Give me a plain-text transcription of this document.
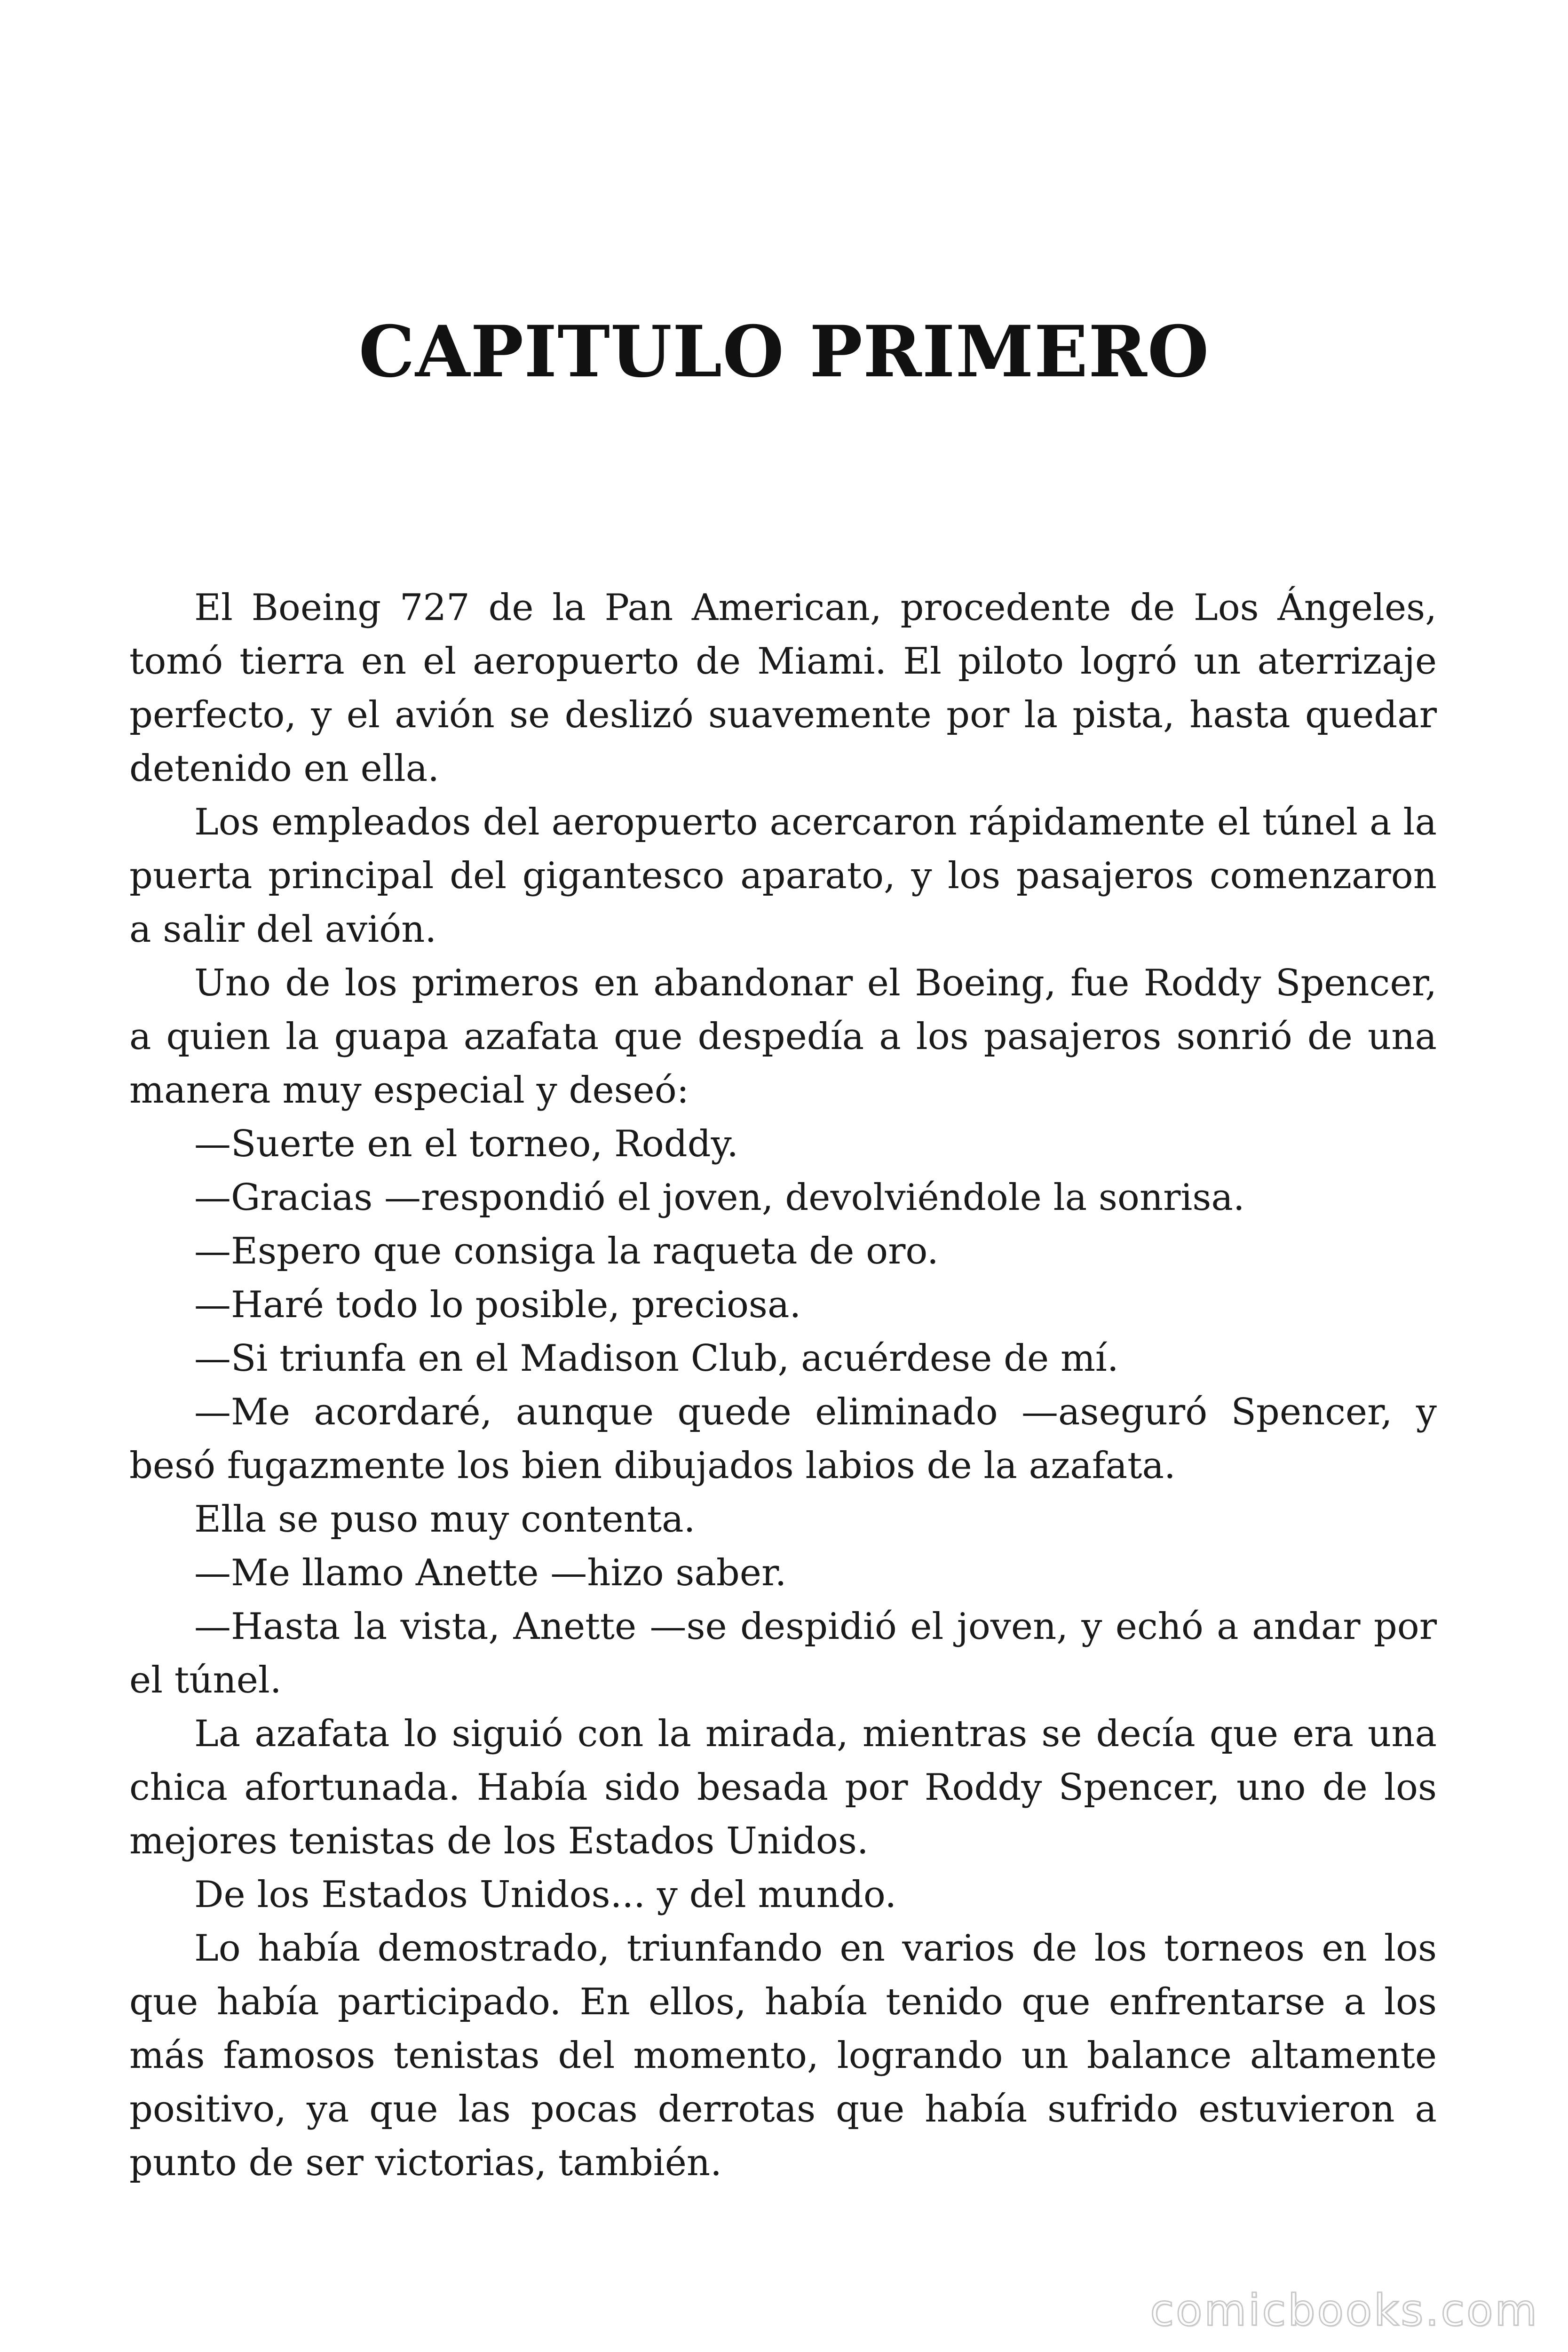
CAPITULO PRIMERO

El Boeing 727 de la Pan American, procedente de Los Ángeles, tomó tierra en el aeropuerto de Miami. El piloto logró un aterrizaje perfecto, y el avión se deslizó suavemente por la pista, hasta quedar detenido en ella.

Los empleados del aeropuerto acercaron rápidamente el túnel a la puerta principal del gigantesco aparato, y los pasajeros comenzaron a salir del avión.

Uno de los primeros en abandonar el Boeing, fue Roddy Spencer, a quien la guapa azafata que despedía a los pasajeros sonrió de una manera muy especial y deseó:

—Suerte en el torneo, Roddy.

—Gracias —respondió el joven, devolviéndole la sonrisa.

—Espero que consiga la raqueta de oro.

—Haré todo lo posible, preciosa.

—Si triunfa en el Madison Club, acuérdese de mí.

—Me acordaré, aunque quede eliminado —aseguró Spencer, y besó fugazmente los bien dibujados labios de la azafata.

Ella se puso muy contenta.

—Me llamo Anette —hizo saber.

—Hasta la vista, Anette —se despidió el joven, y echó a andar por el túnel.

La azafata lo siguió con la mirada, mientras se decía que era una chica afortunada. Había sido besada por Roddy Spencer, uno de los mejores tenistas de los Estados Unidos.

De los Estados Unidos... y del mundo.

Lo había demostrado, triunfando en varios de los torneos en los que había participado. En ellos, había tenido que enfrentarse a los más famosos tenistas del momento, logrando un balance altamente positivo, ya que las pocas derrotas que había sufrido estuvieron a punto de ser victorias, también.

comicbooks.com
